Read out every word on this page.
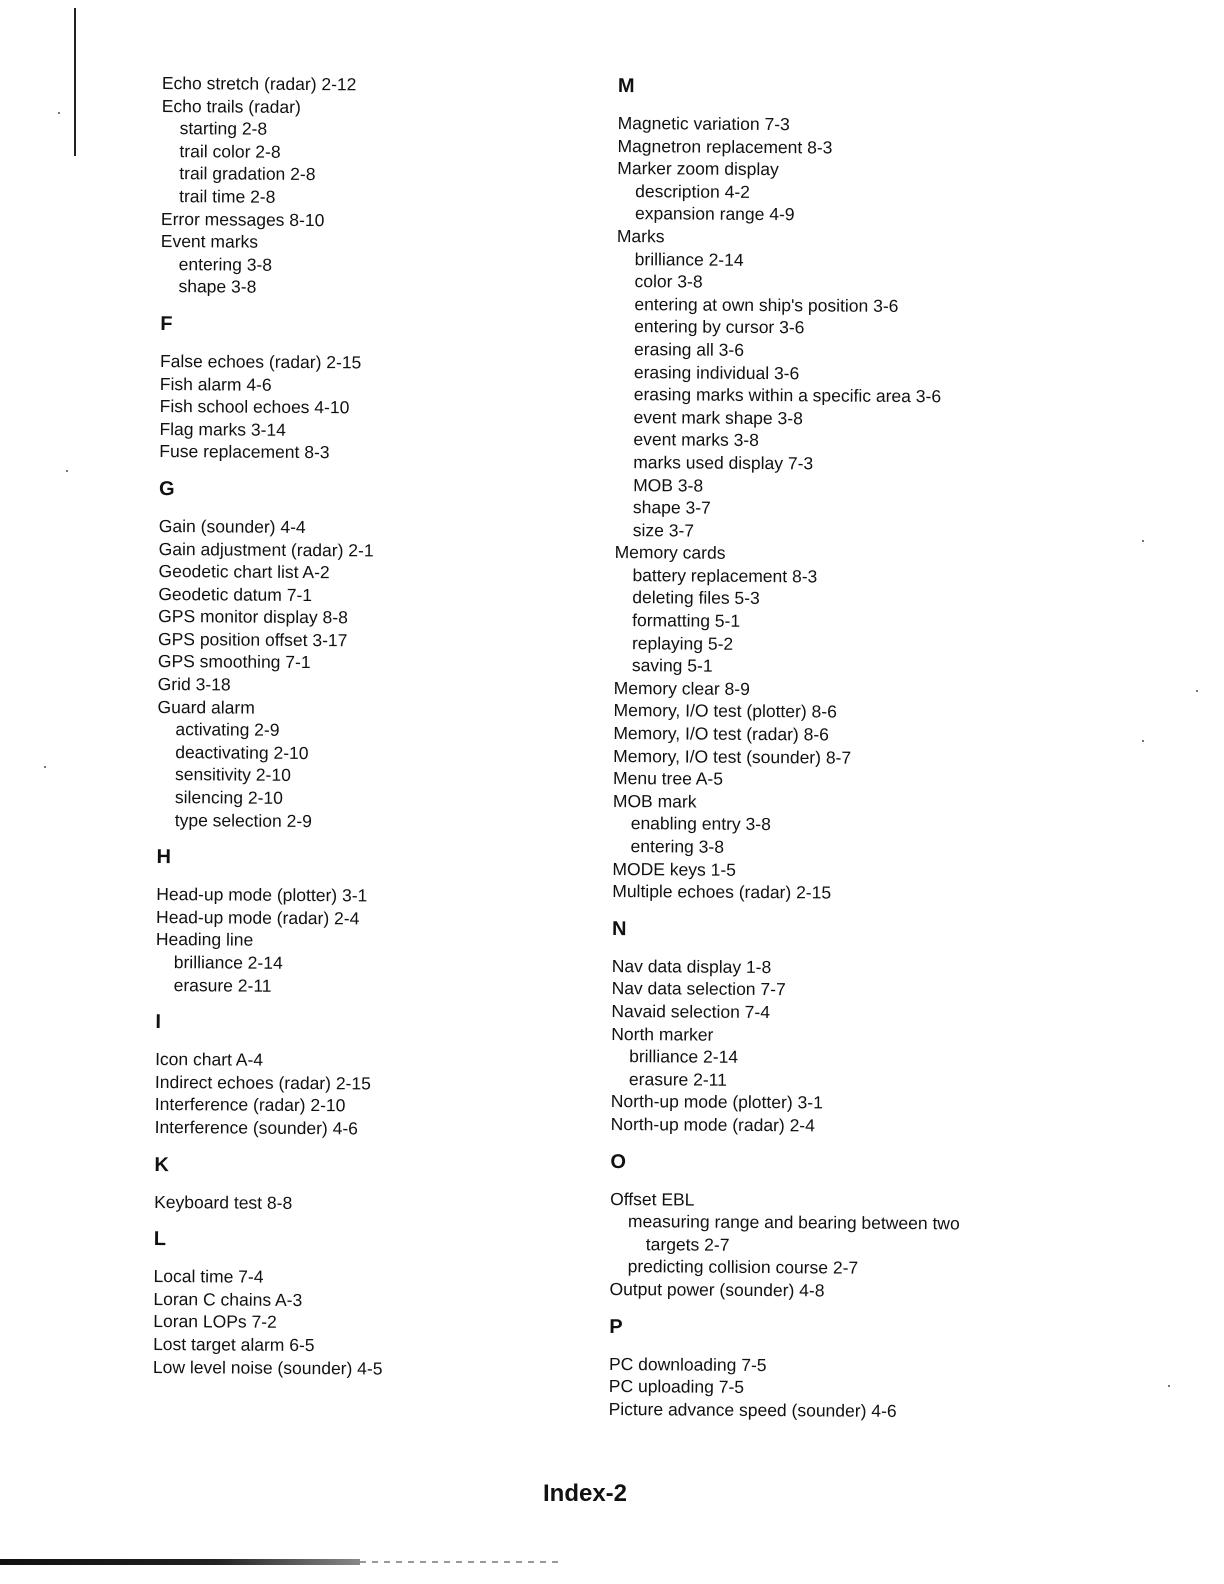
Echo stretch (radar) 2-12
Echo trails (radar)
starting 2-8
trail color 2-8
trail gradation 2-8
trail time 2-8
Error messages 8-10
Event marks
entering 3-8
shape 3-8
F
False echoes (radar) 2-15
Fish alarm 4-6
Fish school echoes 4-10
Flag marks 3-14
Fuse replacement 8-3
G
Gain (sounder) 4-4
Gain adjustment (radar) 2-1
Geodetic chart list A-2
Geodetic datum 7-1
GPS monitor display 8-8
GPS position offset 3-17
GPS smoothing 7-1
Grid 3-18
Guard alarm
activating 2-9
deactivating 2-10
sensitivity 2-10
silencing 2-10
type selection 2-9
H
Head-up mode (plotter) 3-1
Head-up mode (radar) 2-4
Heading line
brilliance 2-14
erasure 2-11
I
Icon chart A-4
Indirect echoes (radar) 2-15
Interference (radar) 2-10
Interference (sounder) 4-6
K
Keyboard test 8-8
L
Local time 7-4
Loran C chains A-3
Loran LOPs 7-2
Lost target alarm 6-5
Low level noise (sounder) 4-5
M
Magnetic variation 7-3
Magnetron replacement 8-3
Marker zoom display
description 4-2
expansion range 4-9
Marks
brilliance 2-14
color 3-8
entering at own ship's position 3-6
entering by cursor 3-6
erasing all 3-6
erasing individual 3-6
erasing marks within a specific area 3-6
event mark shape 3-8
event marks 3-8
marks used display 7-3
MOB 3-8
shape 3-7
size 3-7
Memory cards
battery replacement 8-3
deleting files 5-3
formatting 5-1
replaying 5-2
saving 5-1
Memory clear 8-9
Memory, I/O test (plotter) 8-6
Memory, I/O test (radar) 8-6
Memory, I/O test (sounder) 8-7
Menu tree A-5
MOB mark
enabling entry 3-8
entering 3-8
MODE keys 1-5
Multiple echoes (radar) 2-15
N
Nav data display 1-8
Nav data selection 7-7
Navaid selection 7-4
North marker
brilliance 2-14
erasure 2-11
North-up mode (plotter) 3-1
North-up mode (radar) 2-4
O
Offset EBL
measuring range and bearing between two
targets 2-7
predicting collision course 2-7
Output power (sounder) 4-8
P
PC downloading 7-5
PC uploading 7-5
Picture advance speed (sounder) 4-6
Index-2
